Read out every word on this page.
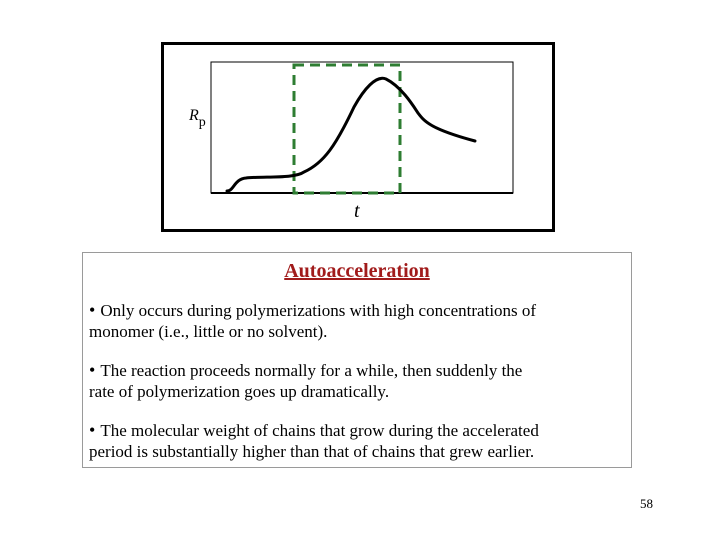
Rp
t
Autoacceleration
• Only occurs during polymerizations with high concentrations of
monomer (i.e., little or no solvent).
• The reaction proceeds normally for a while, then suddenly the
rate of polymerization goes up dramatically.
• The molecular weight of chains that grow during the accelerated
period is substantially higher than that of chains that grew earlier.
58
